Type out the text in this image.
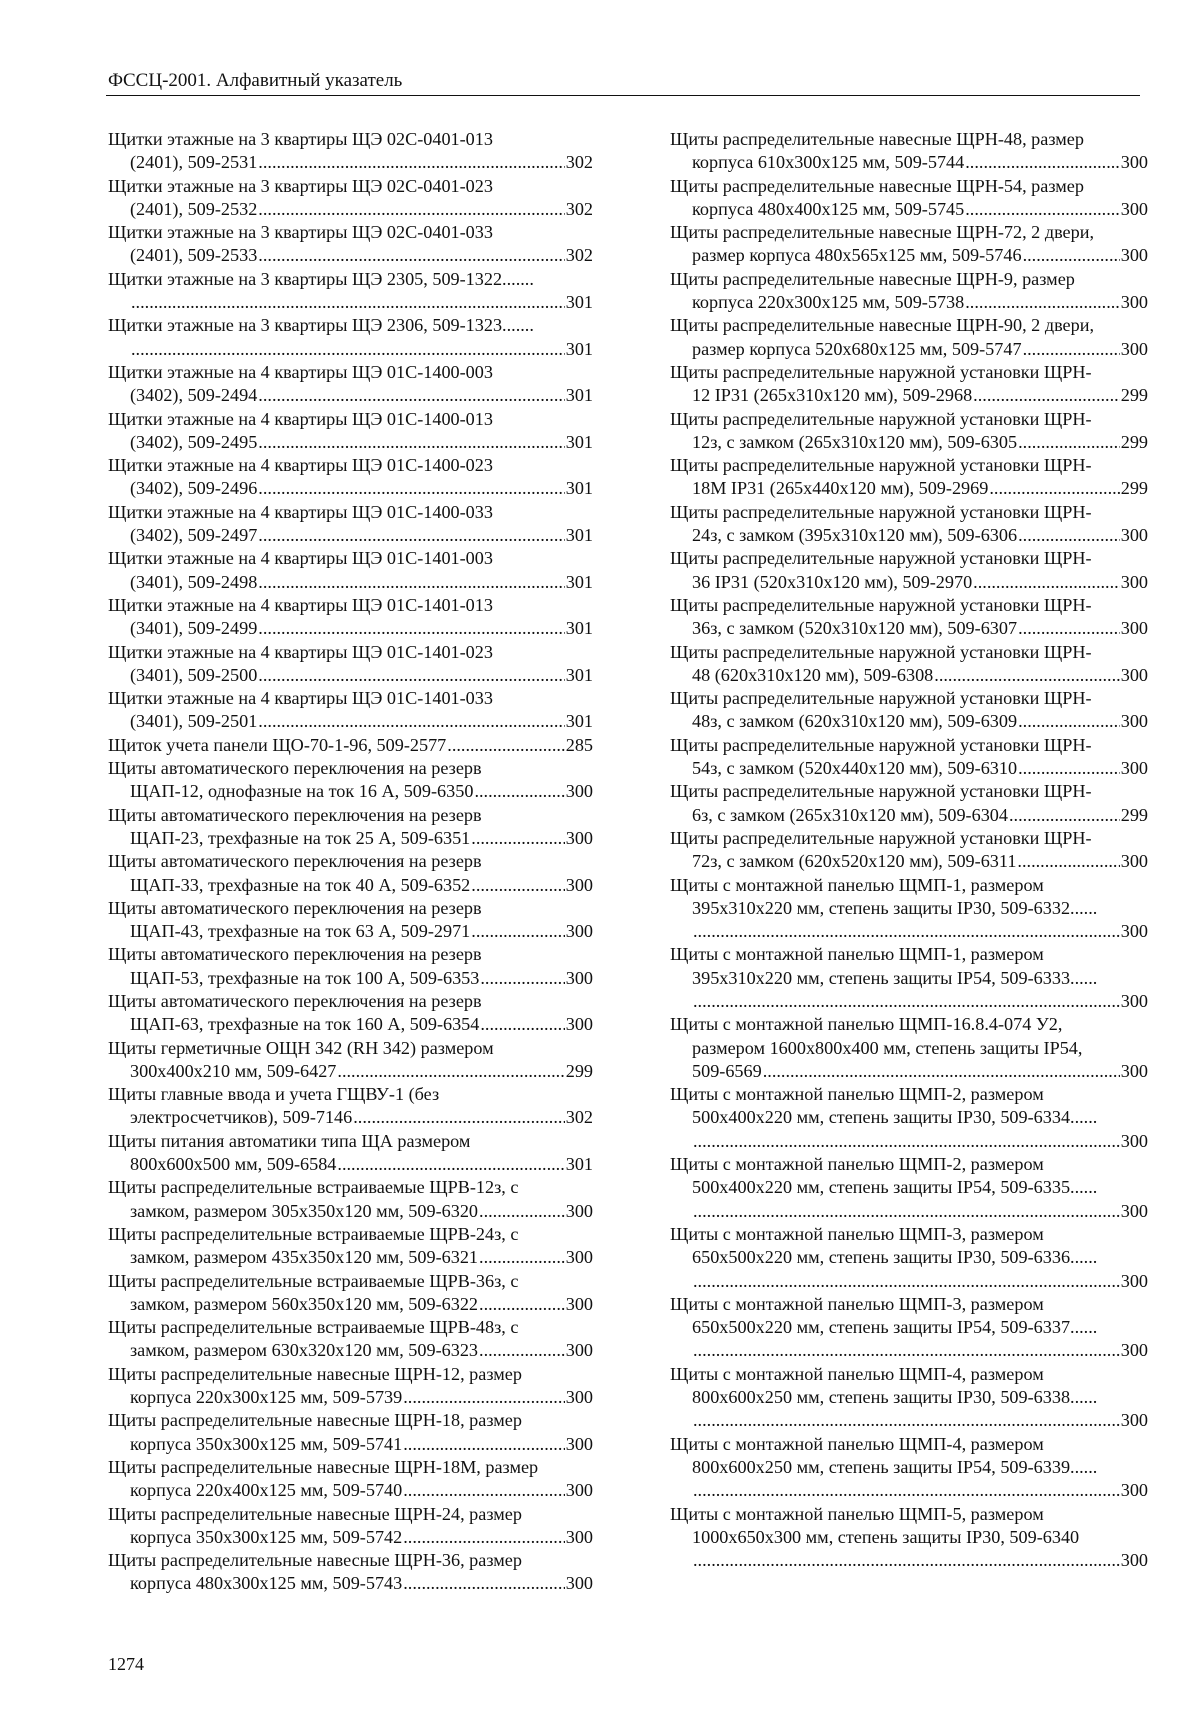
ФССЦ-2001. Алфавитный указатель
Щитки этажные на 3 квартиры ЩЭ 02С-0401-013
(2401), 509-2531 .....	302
Щитки этажные на 3 квартиры ЩЭ 02С-0401-023
(2401), 509-2532 .....	302
Щитки этажные на 3 квартиры ЩЭ 02С-0401-033
(2401), 509-2533 .....	302
Щитки этажные на 3 квартиры ЩЭ 2305, 509-1322.......
.....
301
Щитки этажные на 3 квартиры ЩЭ 2306, 509-1323.......
.....
301
Щитки этажные на 4 квартиры ЩЭ 01С-1400-003
(3402), 509-2494 .....	301
Щитки этажные на 4 квартиры ЩЭ 01С-1400-013
(3402), 509-2495 .....	301
Щитки этажные на 4 квартиры ЩЭ 01С-1400-023
(3402), 509-2496 .....	301
Щитки этажные на 4 квартиры ЩЭ 01С-1400-033
(3402), 509-2497 .....	301
Щитки этажные на 4 квартиры ЩЭ 01С-1401-003
(3401), 509-2498 .....	301
Щитки этажные на 4 квартиры ЩЭ 01С-1401-013
(3401), 509-2499 .....	301
Щитки этажные на 4 квартиры ЩЭ 01С-1401-023
(3401), 509-2500 .....	301
Щитки этажные на 4 квартиры ЩЭ 01С-1401-033
(3401), 509-2501 .....	301
Щиток учета панели ЩО-70-1-96, 509-2577 .....	285
Щиты автоматического переключения на резерв
ЩАП-12, однофазные на ток 16 А, 509-6350 .....	300
Щиты автоматического переключения на резерв
ЩАП-23, трехфазные на ток 25 А, 509-6351 .....	300
Щиты автоматического переключения на резерв
ЩАП-33, трехфазные на ток 40 А, 509-6352 .....	300
Щиты автоматического переключения на резерв
ЩАП-43, трехфазные на ток 63 А, 509-2971 .....	300
Щиты автоматического переключения на резерв
ЩАП-53, трехфазные на ток 100 А, 509-6353 .....	300
Щиты автоматического переключения на резерв
ЩАП-63, трехфазные на ток 160 А, 509-6354 .....	300
Щиты герметичные ОЩН 342 (RH 342) размером
300x400x210 мм, 509-6427 .....	299
Щиты главные ввода и учета ГЩВУ-1 (без
электросчетчиков), 509-7146 .....	302
Щиты питания автоматики типа ЩА размером
800x600x500 мм, 509-6584 .....	301
Щиты распределительные встраиваемые ЩРВ-12з, с
замком, размером 305x350x120 мм, 509-6320 .....	300
Щиты распределительные встраиваемые ЩРВ-24з, с
замком, размером 435x350x120 мм, 509-6321 .....	300
Щиты распределительные встраиваемые ЩРВ-36з, с
замком, размером 560x350x120 мм, 509-6322 .....	300
Щиты распределительные встраиваемые ЩРВ-48з, с
замком, размером 630x320x120 мм, 509-6323 .....	300
Щиты распределительные навесные ЩРН-12, размер
корпуса 220x300x125 мм, 509-5739 .....	300
Щиты распределительные навесные ЩРН-18, размер
корпуса 350x300x125 мм, 509-5741 .....	300
Щиты распределительные навесные ЩРН-18М, размер
корпуса 220x400x125 мм, 509-5740 .....	300
Щиты распределительные навесные ЩРН-24, размер
корпуса 350x300x125 мм, 509-5742 .....	300
Щиты распределительные навесные ЩРН-36, размер
корпуса 480x300x125 мм, 509-5743 .....	300
Щиты распределительные навесные ЩРН-48, размер
корпуса 610x300x125 мм, 509-5744 .....	300
Щиты распределительные навесные ЩРН-54, размер
корпуса 480x400x125 мм, 509-5745 .....	300
Щиты распределительные навесные ЩРН-72, 2 двери,
размер корпуса 480x565x125 мм, 509-5746 .....	300
Щиты распределительные навесные ЩРН-9, размер
корпуса 220x300x125 мм, 509-5738 .....	300
Щиты распределительные навесные ЩРН-90, 2 двери,
размер корпуса 520x680x125 мм, 509-5747 .....	300
Щиты распределительные наружной установки ЩРН-
12 IP31 (265x310x120 мм), 509-2968 .....	299
Щиты распределительные наружной установки ЩРН-
12з, с замком (265x310x120 мм), 509-6305 .....	299
Щиты распределительные наружной установки ЩРН-
18М IP31 (265x440x120 мм), 509-2969 .....	299
Щиты распределительные наружной установки ЩРН-
24з, с замком (395x310x120 мм), 509-6306 .....	300
Щиты распределительные наружной установки ЩРН-
36 IP31 (520x310x120 мм), 509-2970 .....	300
Щиты распределительные наружной установки ЩРН-
36з, с замком (520x310x120 мм), 509-6307 .....	300
Щиты распределительные наружной установки ЩРН-
48 (620x310x120 мм), 509-6308 .....	300
Щиты распределительные наружной установки ЩРН-
48з, с замком (620x310x120 мм), 509-6309 .....	300
Щиты распределительные наружной установки ЩРН-
54з, с замком (520x440x120 мм), 509-6310 .....	300
Щиты распределительные наружной установки ЩРН-
6з, с замком (265x310x120 мм), 509-6304 .....	299
Щиты распределительные наружной установки ЩРН-
72з, с замком (620x520x120 мм), 509-6311 .....	300
Щиты с монтажной панелью ЩМП-1, размером
395x310x220 мм, степень защиты IP30, 509-6332......
.....
300
Щиты с монтажной панелью ЩМП-1, размером
395x310x220 мм, степень защиты IP54, 509-6333......
.....
300
Щиты с монтажной панелью ЩМП-16.8.4-074 У2,
размером 1600x800x400 мм, степень защиты IP54,
509-6569 .....	300
Щиты с монтажной панелью ЩМП-2, размером
500x400x220 мм, степень защиты IP30, 509-6334......
.....
300
Щиты с монтажной панелью ЩМП-2, размером
500x400x220 мм, степень защиты IP54, 509-6335......
.....
300
Щиты с монтажной панелью ЩМП-3, размером
650x500x220 мм, степень защиты IP30, 509-6336......
.....
300
Щиты с монтажной панелью ЩМП-3, размером
650x500x220 мм, степень защиты IP54, 509-6337......
.....
300
Щиты с монтажной панелью ЩМП-4, размером
800x600x250 мм, степень защиты IP30, 509-6338......
.....
300
Щиты с монтажной панелью ЩМП-4, размером
800x600x250 мм, степень защиты IP54, 509-6339......
.....
300
Щиты с монтажной панелью ЩМП-5, размером
1000x650x300 мм, степень защиты IP30, 509-6340
.....
300
1274
